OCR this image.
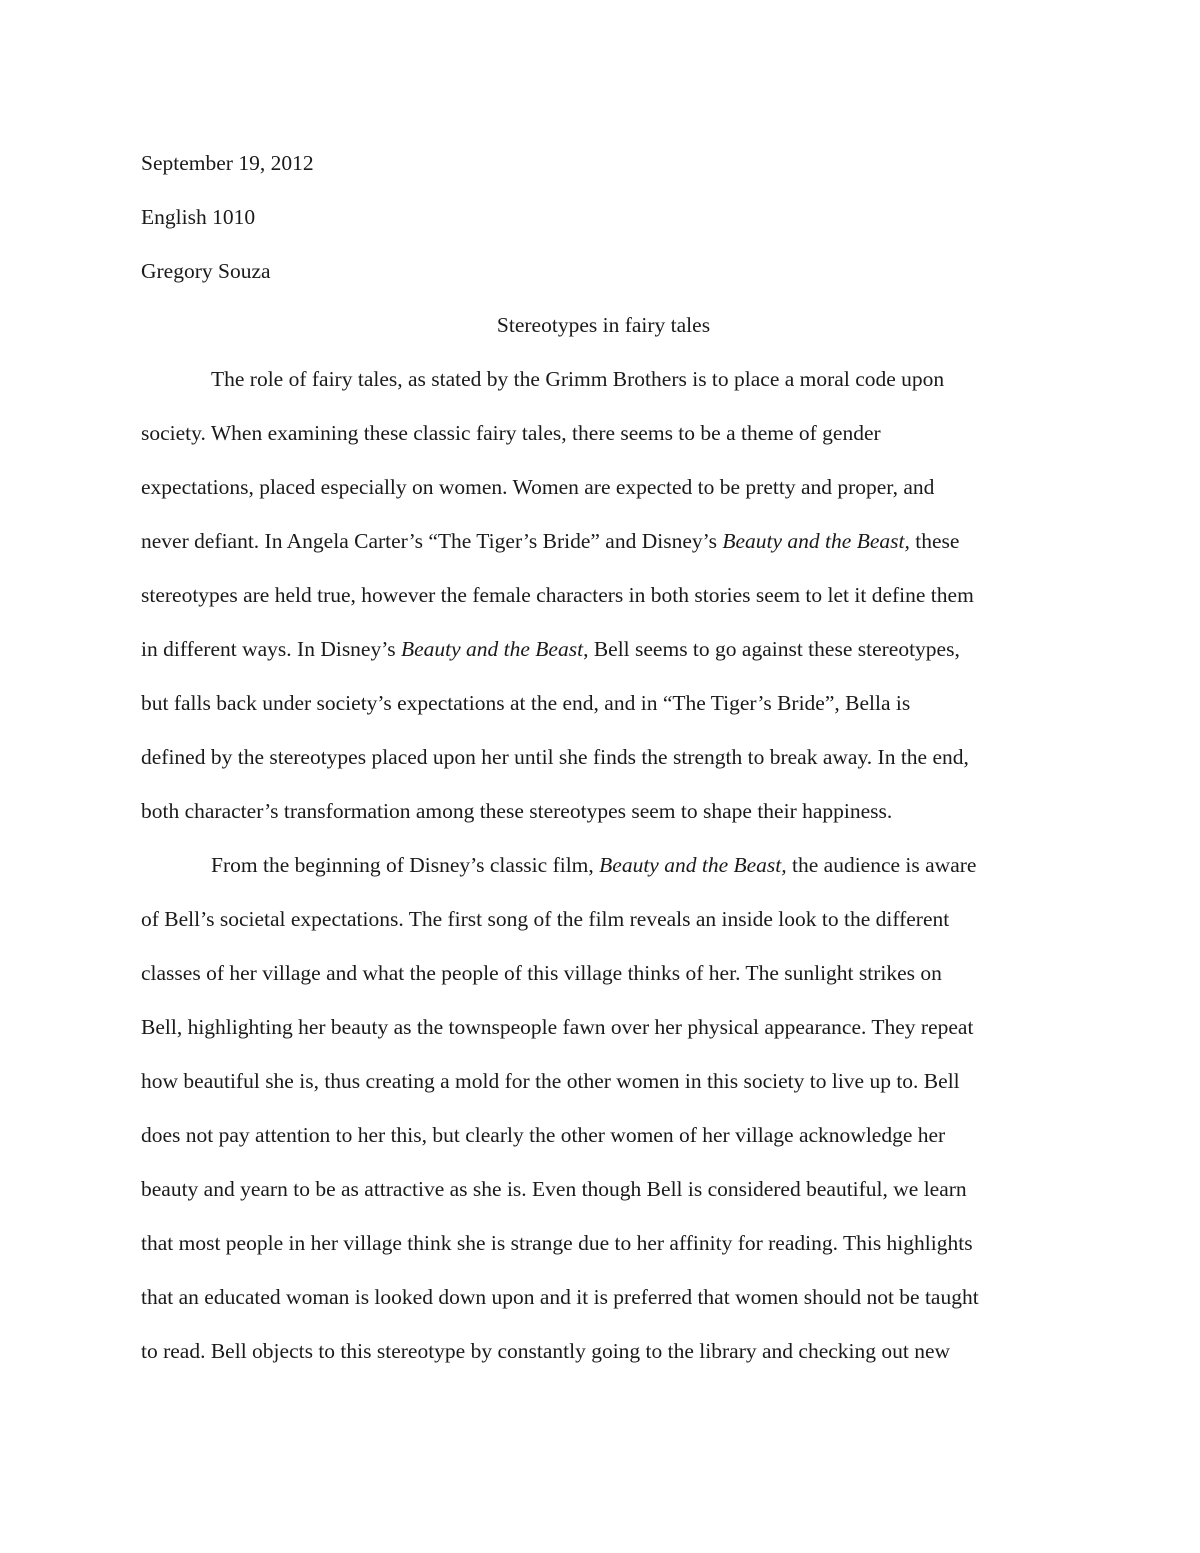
September 19, 2012
English 1010
Gregory Souza
Stereotypes in fairy tales
The role of fairy tales, as stated by the Grimm Brothers is to place a moral code upon
society. When examining these classic fairy tales, there seems to be a theme of gender
expectations, placed especially on women. Women are expected to be pretty and proper, and
never defiant. In Angela Carter’s “The Tiger’s Bride” and Disney’s Beauty and the Beast, these
stereotypes are held true, however the female characters in both stories seem to let it define them
in different ways. In Disney’s Beauty and the Beast, Bell seems to go against these stereotypes,
but falls back under society’s expectations at the end, and in “The Tiger’s Bride”, Bella is
defined by the stereotypes placed upon her until she finds the strength to break away. In the end,
both character’s transformation among these stereotypes seem to shape their happiness.
From the beginning of Disney’s classic film, Beauty and the Beast, the audience is aware
of Bell’s societal expectations. The first song of the film reveals an inside look to the different
classes of her village and what the people of this village thinks of her. The sunlight strikes on
Bell, highlighting her beauty as the townspeople fawn over her physical appearance. They repeat
how beautiful she is, thus creating a mold for the other women in this society to live up to. Bell
does not pay attention to her this, but clearly the other women of her village acknowledge her
beauty and yearn to be as attractive as she is. Even though Bell is considered beautiful, we learn
that most people in her village think she is strange due to her affinity for reading. This highlights
that an educated woman is looked down upon and it is preferred that women should not be taught
to read. Bell objects to this stereotype by constantly going to the library and checking out new
